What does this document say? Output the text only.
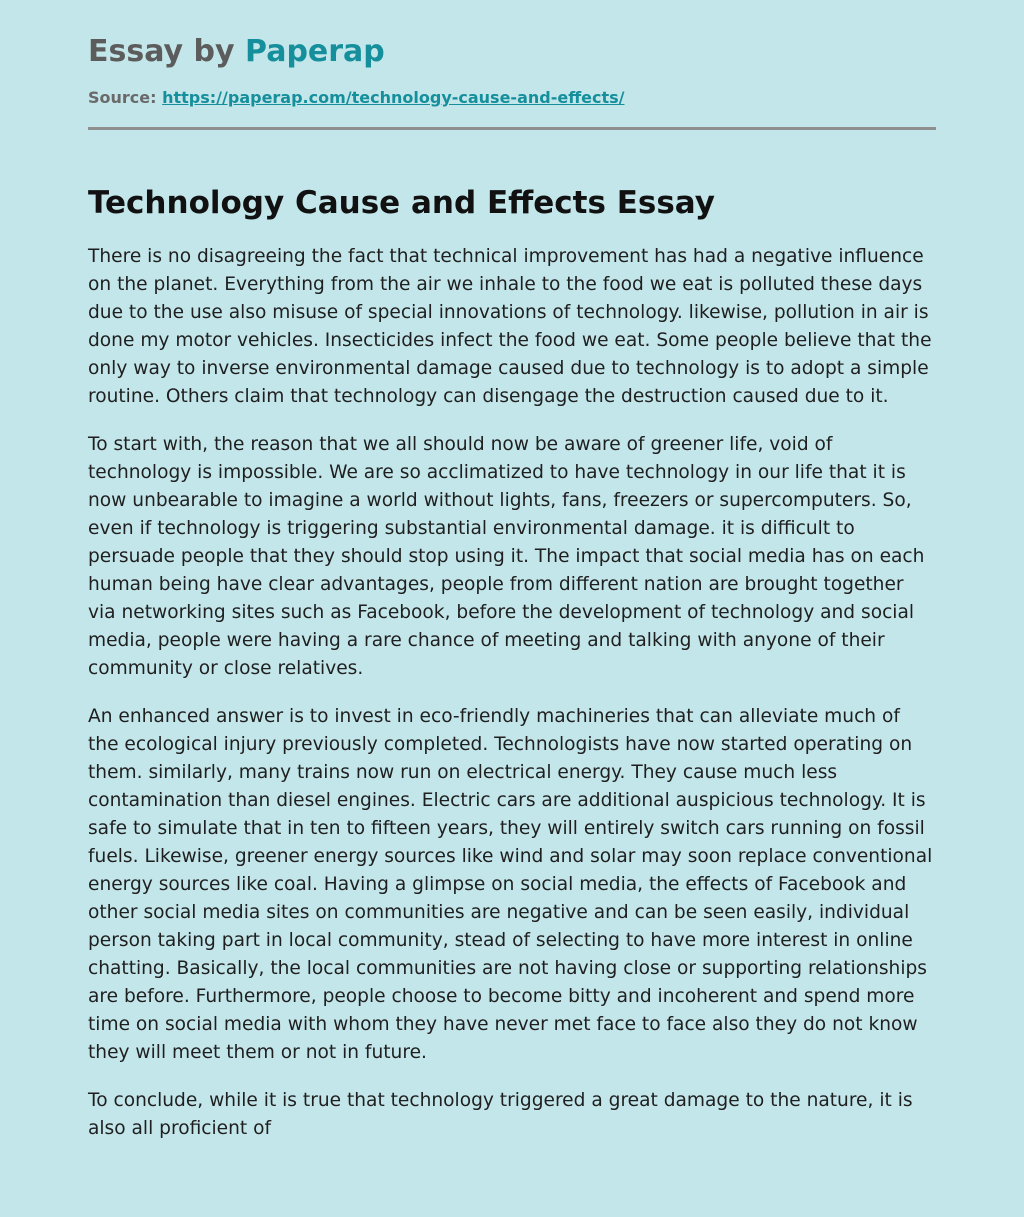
Essay by Paperap
Source: https://paperap.com/technology-cause-and-effects/
Technology Cause and Effects Essay

There is no disagreeing the fact that technical improvement has had a negative influence on the planet. Everything from the air we inhale to the food we eat is polluted these days due to the use also misuse of special innovations of technology. likewise, pollution in air is done my motor vehicles. Insecticides infect the food we eat. Some people believe that the only way to inverse environmental damage caused due to technology is to adopt a simple routine. Others claim that technology can disengage the destruction caused due to it.

To start with, the reason that we all should now be aware of greener life, void of technology is impossible. We are so acclimatized to have technology in our life that it is now unbearable to imagine a world without lights, fans, freezers or supercomputers. So, even if technology is triggering substantial environmental damage. it is difficult to persuade people that they should stop using it. The impact that social media has on each human being have clear advantages, people from different nation are brought together via networking sites such as Facebook, before the development of technology and social media, people were having a rare chance of meeting and talking with anyone of their community or close relatives.

An enhanced answer is to invest in eco-friendly machineries that can alleviate much of the ecological injury previously completed. Technologists have now started operating on them. similarly, many trains now run on electrical energy. They cause much less contamination than diesel engines. Electric cars are additional auspicious technology. It is safe to simulate that in ten to fifteen years, they will entirely switch cars running on fossil fuels. Likewise, greener energy sources like wind and solar may soon replace conventional energy sources like coal. Having a glimpse on social media, the effects of Facebook and other social media sites on communities are negative and can be seen easily, individual person taking part in local community, stead of selecting to have more interest in online chatting. Basically, the local communities are not having close or supporting relationships are before. Furthermore, people choose to become bitty and incoherent and spend more time on social media with whom they have never met face to face also they do not know they will meet them or not in future.

To conclude, while it is true that technology triggered a great damage to the nature, it is also all proficient of
